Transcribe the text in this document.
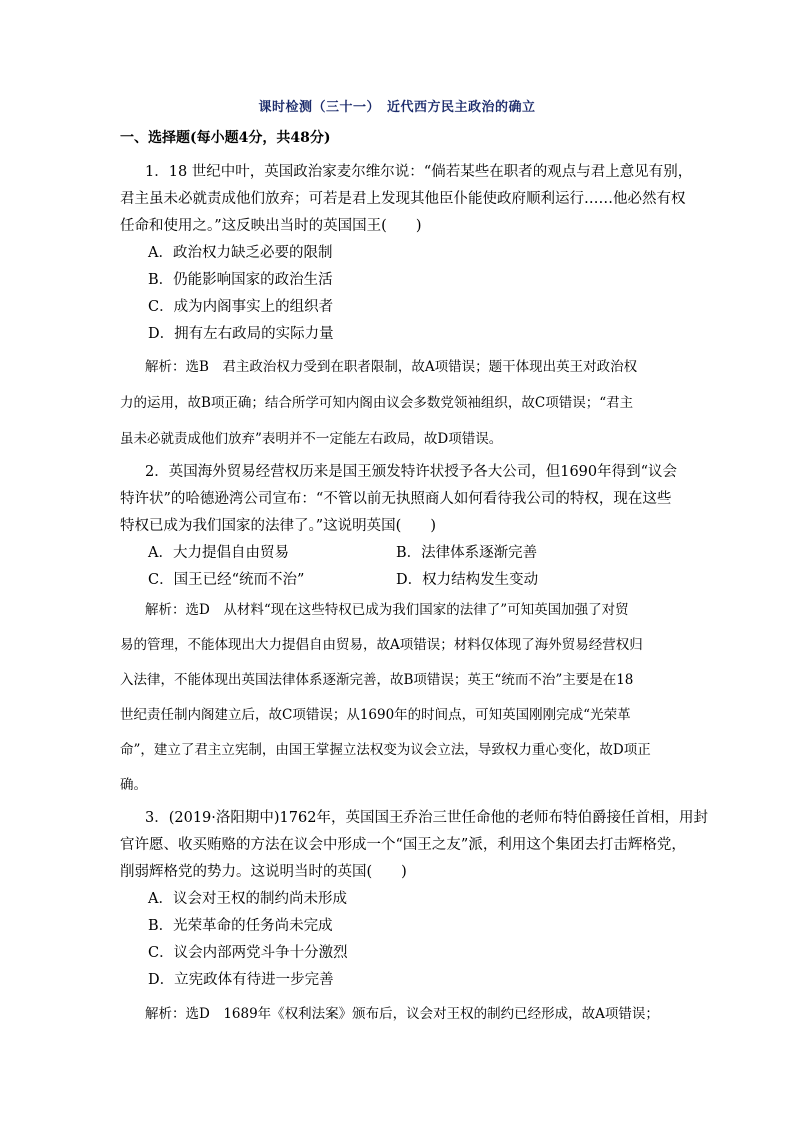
课时检测（三十一）　近代西方民主政治的确立
一、选择题(每小题4分，共48分)
1．18 世纪中叶，英国政治家麦尔维尔说：“倘若某些在职者的观点与君上意见有别，
君主虽未必就责成他们放弃；可若是君上发现其他臣仆能使政府顺利运行……他必然有权
任命和使用之。”这反映出当时的英国国王(　　)
A．政治权力缺乏必要的限制
B．仍能影响国家的政治生活
C．成为内阁事实上的组织者
D．拥有左右政局的实际力量
解析：选B　君主政治权力受到在职者限制，故A项错误；题干体现出英王对政治权
力的运用，故B项正确；结合所学可知内阁由议会多数党领袖组织，故C项错误；“君主
虽未必就责成他们放弃”表明并不一定能左右政局，故D项错误。
2．英国海外贸易经营权历来是国王颁发特许状授予各大公司，但1690年得到“议会
特许状”的哈德逊湾公司宣布：“不管以前无执照商人如何看待我公司的特权，现在这些
特权已成为我们国家的法律了。”这说明英国(　　)
A．大力提倡自由贸易	B．法律体系逐渐完善
C．国王已经“统而不治”	D．权力结构发生变动
解析：选D　从材料“现在这些特权已成为我们国家的法律了”可知英国加强了对贸
易的管理，不能体现出大力提倡自由贸易，故A项错误；材料仅体现了海外贸易经营权归
入法律，不能体现出英国法律体系逐渐完善，故B项错误；英王“统而不治”主要是在18
世纪责任制内阁建立后，故C项错误；从1690年的时间点，可知英国刚刚完成“光荣革
命”，建立了君主立宪制，由国王掌握立法权变为议会立法，导致权力重心变化，故D项正
确。
3．(2019·洛阳期中)1762年，英国国王乔治三世任命他的老师布特伯爵接任首相，用封
官许愿、收买贿赂的方法在议会中形成一个“国王之友”派，利用这个集团去打击辉格党，
削弱辉格党的势力。这说明当时的英国(　　)
A．议会对王权的制约尚未形成
B．光荣革命的任务尚未完成
C．议会内部两党斗争十分激烈
D．立宪政体有待进一步完善
解析：选D　1689年《权利法案》颁布后，议会对王权的制约已经形成，故A项错误；
